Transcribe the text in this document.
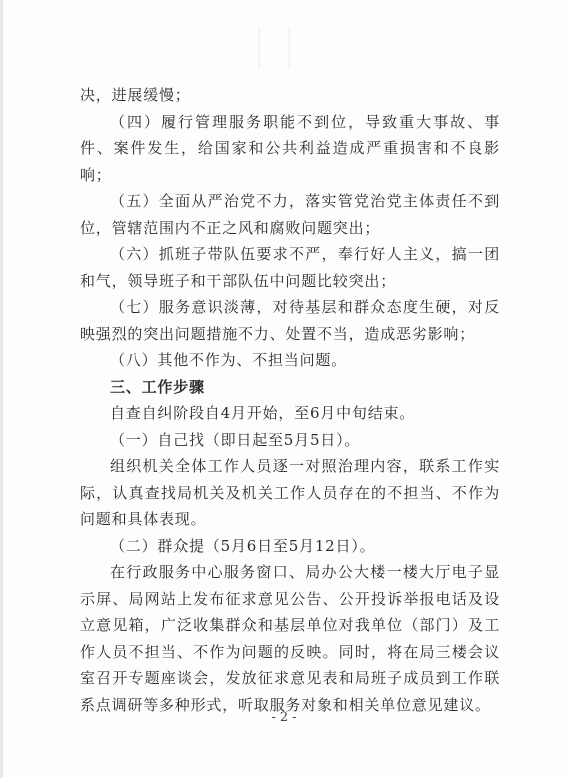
决，进展缓慢；

（四）履行管理服务职能不到位，导致重大事故、事件、案件发生，给国家和公共利益造成严重损害和不良影响；

（五）全面从严治党不力，落实管党治党主体责任不到位，管辖范围内不正之风和腐败问题突出；

（六）抓班子带队伍要求不严，奉行好人主义，搞一团和气，领导班子和干部队伍中问题比较突出；

（七）服务意识淡薄，对待基层和群众态度生硬，对反映强烈的突出问题措施不力、处置不当，造成恶劣影响；

（八）其他不作为、不担当问题。

三、工作步骤

自查自纠阶段自4月开始，至6月中旬结束。

（一）自己找（即日起至5月5日）。

组织机关全体工作人员逐一对照治理内容，联系工作实际，认真查找局机关及机关工作人员存在的不担当、不作为问题和具体表现。

（二）群众提（5月6日至5月12日）。

在行政服务中心服务窗口、局办公大楼一楼大厅电子显示屏、局网站上发布征求意见公告、公开投诉举报电话及设立意见箱，广泛收集群众和基层单位对我单位（部门）及工作人员不担当、不作为问题的反映。同时，将在局三楼会议室召开专题座谈会，发放征求意见表和局班子成员到工作联系点调研等多种形式，听取服务对象和相关单位意见建议。

- 2 -
